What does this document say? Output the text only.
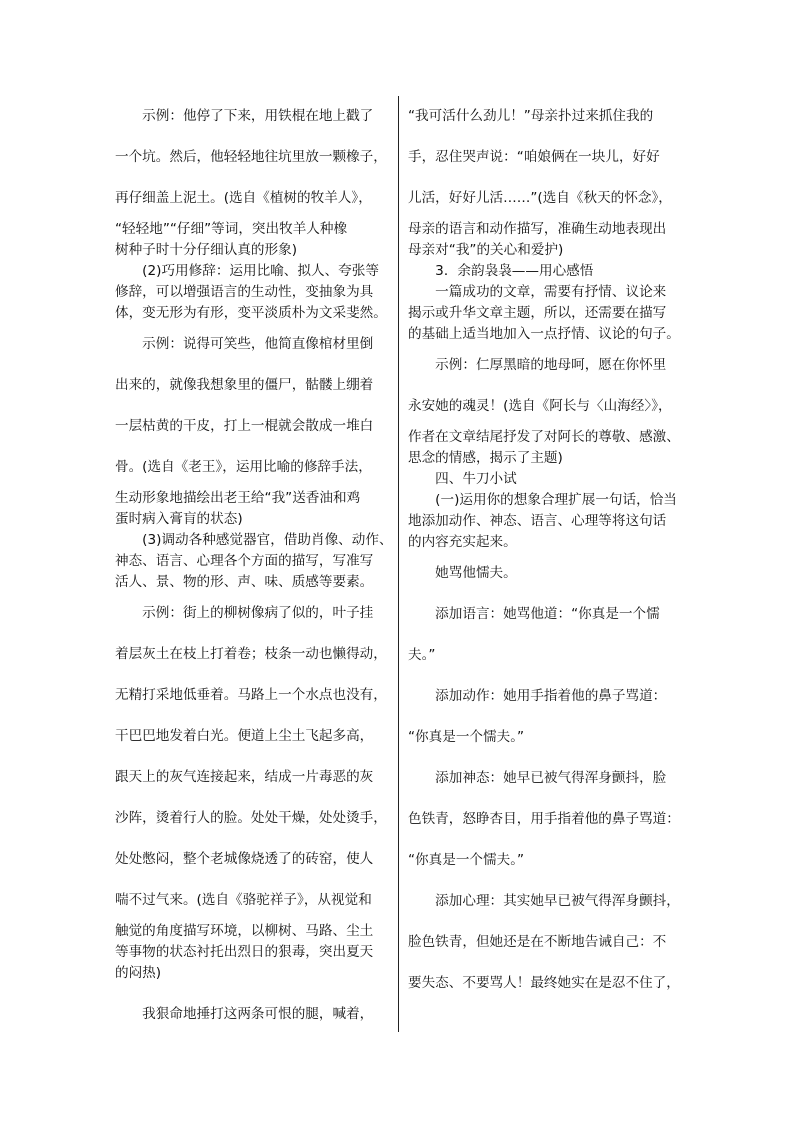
　　示例：他停了下来，用铁棍在地上戳了
一个坑。然后，他轻轻地往坑里放一颗橡子，
再仔细盖上泥土。(选自《植树的牧羊人》，
“轻轻地”“仔细”等词，突出牧羊人种橡
树种子时十分仔细认真的形象)
　　(2)巧用修辞：运用比喻、拟人、夸张等
修辞，可以增强语言的生动性，变抽象为具
体，变无形为有形，变平淡质朴为文采斐然。
　　示例：说得可笑些，他简直像棺材里倒
出来的，就像我想象里的僵尸，骷髅上绷着
一层枯黄的干皮，打上一棍就会散成一堆白
骨。(选自《老王》，运用比喻的修辞手法，
生动形象地描绘出老王给“我”送香油和鸡
蛋时病入膏肓的状态)
　　(3)调动各种感觉器官，借助肖像、动作、
神态、语言、心理各个方面的描写，写准写
活人、景、物的形、声、味、质感等要素。
　　示例：街上的柳树像病了似的，叶子挂
着层灰土在枝上打着卷；枝条一动也懒得动，
无精打采地低垂着。马路上一个水点也没有，
干巴巴地发着白光。便道上尘土飞起多高，
跟天上的灰气连接起来，结成一片毒恶的灰
沙阵，烫着行人的脸。处处干燥，处处烫手，
处处憋闷，整个老城像烧透了的砖窑，使人
喘不过气来。(选自《骆驼祥子》，从视觉和
触觉的角度描写环境，以柳树、马路、尘土
等事物的状态衬托出烈日的狠毒，突出夏天
的闷热)
　　我狠命地捶打这两条可恨的腿，喊着，
“我可活什么劲儿！”母亲扑过来抓住我的
手，忍住哭声说：“咱娘俩在一块儿，好好
儿活，好好儿活……”(选自《秋天的怀念》，
母亲的语言和动作描写，准确生动地表现出
母亲对“我”的关心和爱护)
　　3．余韵袅袅——用心感悟
　　一篇成功的文章，需要有抒情、议论来
揭示或升华文章主题，所以，还需要在描写
的基础上适当地加入一点抒情、议论的句子。
　　示例：仁厚黑暗的地母呵，愿在你怀里
永安她的魂灵！(选自《阿长与〈山海经〉》，
作者在文章结尾抒发了对阿长的尊敬、感激、
思念的情感，揭示了主题)
　　四、牛刀小试
　　(一)运用你的想象合理扩展一句话，恰当
地添加动作、神态、语言、心理等将这句话
的内容充实起来。
　　她骂他懦夫。
　　添加语言：她骂他道：“你真是一个懦
夫。”
　　添加动作：她用手指着他的鼻子骂道：
“你真是一个懦夫。”
　　添加神态：她早已被气得浑身颤抖，脸
色铁青，怒睁杏目，用手指着他的鼻子骂道：
“你真是一个懦夫。”
　　添加心理：其实她早已被气得浑身颤抖，
脸色铁青，但她还是在不断地告诫自己：不
要失态、不要骂人！最终她实在是忍不住了，
